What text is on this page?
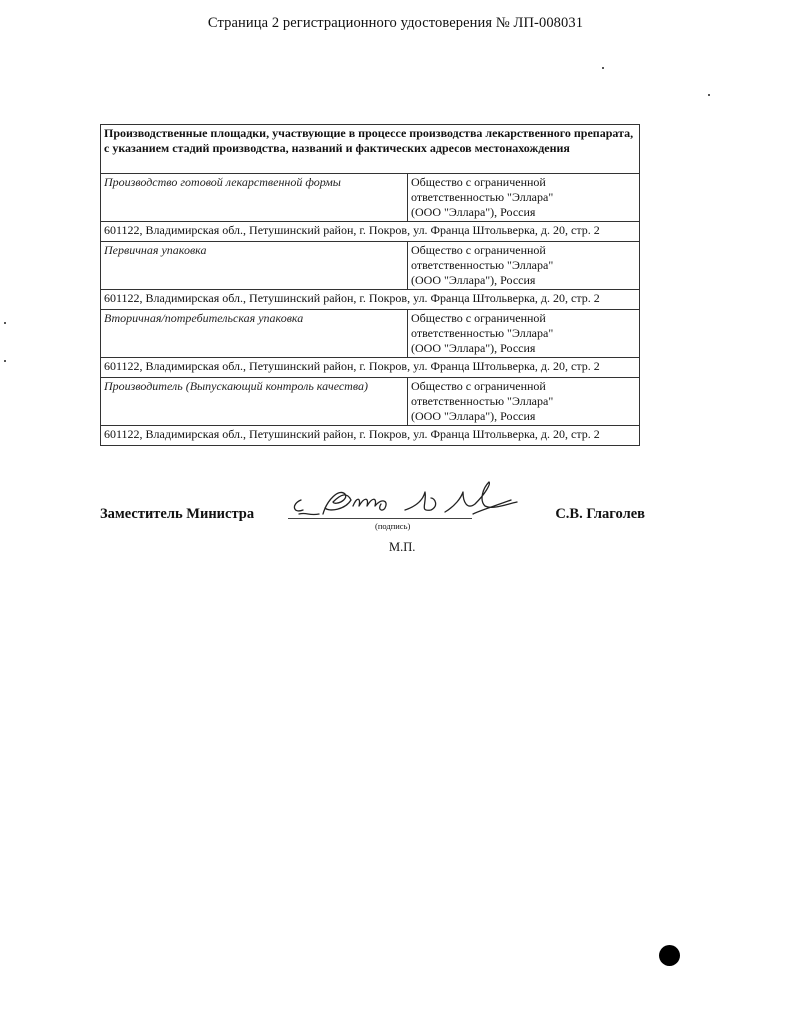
Страница 2 регистрационного удостоверения № ЛП-008031
Производственные площадки, участвующие в процессе производства лекарственного препарата, с указанием стадий производства, названий и фактических адресов местонахождения	
Производство готовой лекарственной формы	Общество с ограниченной
ответственностью "Эллара"
(ООО "Эллара"), Россия

601122, Владимирская обл., Петушинский район, г. Покров, ул. Франца Штольверка, д. 20, стр. 2	
Первичная упаковка	Общество с ограниченной
ответственностью "Эллара"
(ООО "Эллара"), Россия

601122, Владимирская обл., Петушинский район, г. Покров, ул. Франца Штольверка, д. 20, стр. 2	
Вторичная/потребительская упаковка	Общество с ограниченной
ответственностью "Эллара"
(ООО "Эллара"), Россия

601122, Владимирская обл., Петушинский район, г. Покров, ул. Франца Штольверка, д. 20, стр. 2	
Производитель (Выпускающий контроль качества)	Общество с ограниченной
ответственностью "Эллара"
(ООО "Эллара"), Россия

601122, Владимирская обл., Петушинский район, г. Покров, ул. Франца Штольверка, д. 20, стр. 2	
Заместитель Министра	С.В. Глаголев
(подпись)
М.П.
